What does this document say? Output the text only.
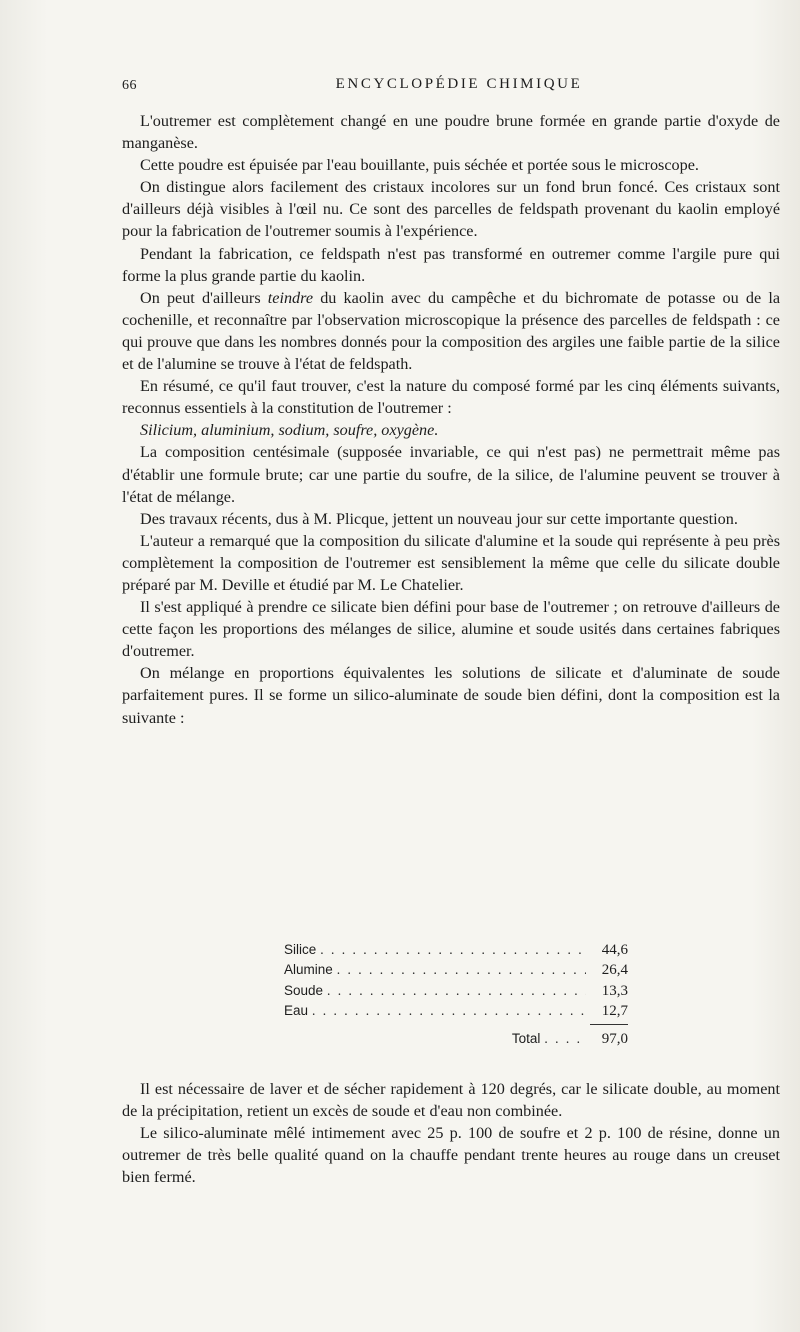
66	ENCYCLOPÉDIE CHIMIQUE

L'outremer est complètement changé en une poudre brune formée en grande partie d'oxyde de manganèse.

Cette poudre est épuisée par l'eau bouillante, puis séchée et portée sous le microscope.

On distingue alors facilement des cristaux incolores sur un fond brun foncé. Ces cristaux sont d'ailleurs déjà visibles à l'œil nu. Ce sont des parcelles de feldspath provenant du kaolin employé pour la fabrication de l'outremer soumis à l'expérience.

Pendant la fabrication, ce feldspath n'est pas transformé en outremer comme l'argile pure qui forme la plus grande partie du kaolin.

On peut d'ailleurs teindre du kaolin avec du campêche et du bichromate de potasse ou de la cochenille, et reconnaître par l'observation microscopique la présence des parcelles de feldspath : ce qui prouve que dans les nombres donnés pour la composition des argiles une faible partie de la silice et de l'alumine se trouve à l'état de feldspath.

En résumé, ce qu'il faut trouver, c'est la nature du composé formé par les cinq éléments suivants, reconnus essentiels à la constitution de l'outremer :

Silicium, aluminium, sodium, soufre, oxygène.

La composition centésimale (supposée invariable, ce qui n'est pas) ne permettrait même pas d'établir une formule brute; car une partie du soufre, de la silice, de l'alumine peuvent se trouver à l'état de mélange.

Des travaux récents, dus à M. Plicque, jettent un nouveau jour sur cette importante question.

L'auteur a remarqué que la composition du silicate d'alumine et la soude qui représente à peu près complètement la composition de l'outremer est sensiblement la même que celle du silicate double préparé par M. Deville et étudié par M. Le Chatelier.

Il s'est appliqué à prendre ce silicate bien défini pour base de l'outremer ; on retrouve d'ailleurs de cette façon les proportions des mélanges de silice, alumine et soude usités dans certaines fabriques d'outremer.

On mélange en proportions équivalentes les solutions de silicate et d'aluminate de soude parfaitement pures. Il se forme un silico-aluminate de soude bien défini, dont la composition est la suivante :

Silice . . .	44,6
Alumine . . .	26,4
Soude . . .	13,3
Eau . . .	12,7
Total . . . .	97,0

Il est nécessaire de laver et de sécher rapidement à 120 degrés, car le silicate double, au moment de la précipitation, retient un excès de soude et d'eau non combinée.

Le silico-aluminate mêlé intimement avec 25 p. 100 de soufre et 2 p. 100 de résine, donne un outremer de très belle qualité quand on la chauffe pendant trente heures au rouge dans un creuset bien fermé.
